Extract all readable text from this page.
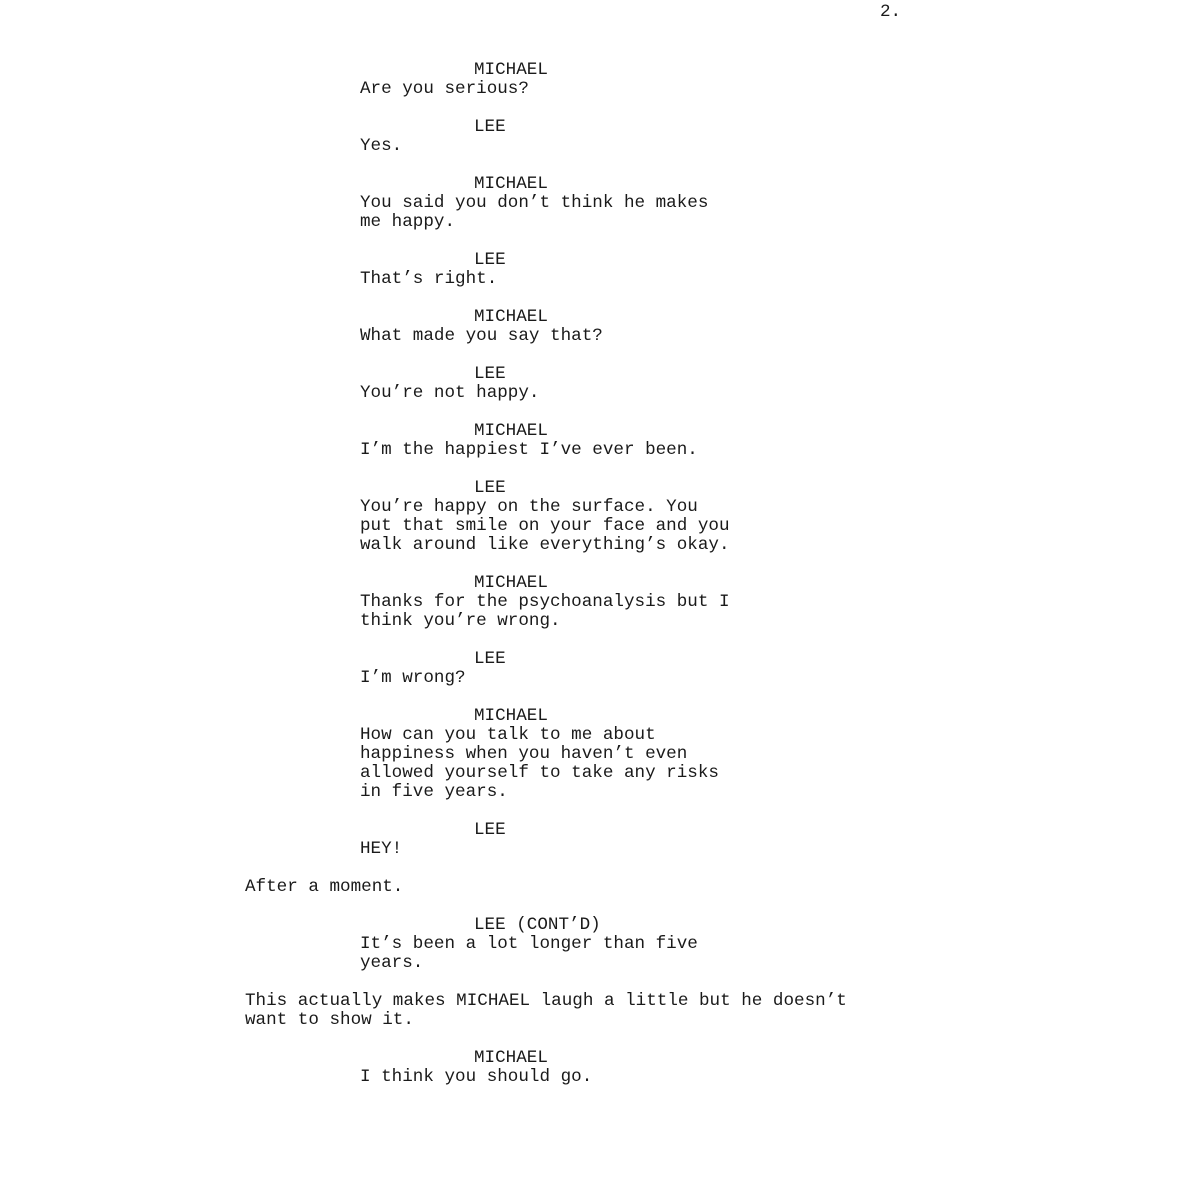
2.
MICHAEL
Are you serious?
LEE
Yes.
MICHAEL
You said you don’t think he makes
me happy.
LEE
That’s right.
MICHAEL
What made you say that?
LEE
You’re not happy.
MICHAEL
I’m the happiest I’ve ever been.
LEE
You’re happy on the surface. You
put that smile on your face and you
walk around like everything’s okay.
MICHAEL
Thanks for the psychoanalysis but I
think you’re wrong.
LEE
I’m wrong?
MICHAEL
How can you talk to me about
happiness when you haven’t even
allowed yourself to take any risks
in five years.
LEE
HEY!
After a moment.
LEE (CONT’D)
It’s been a lot longer than five
years.
This actually makes MICHAEL laugh a little but he doesn’t
want to show it.
MICHAEL
I think you should go.
